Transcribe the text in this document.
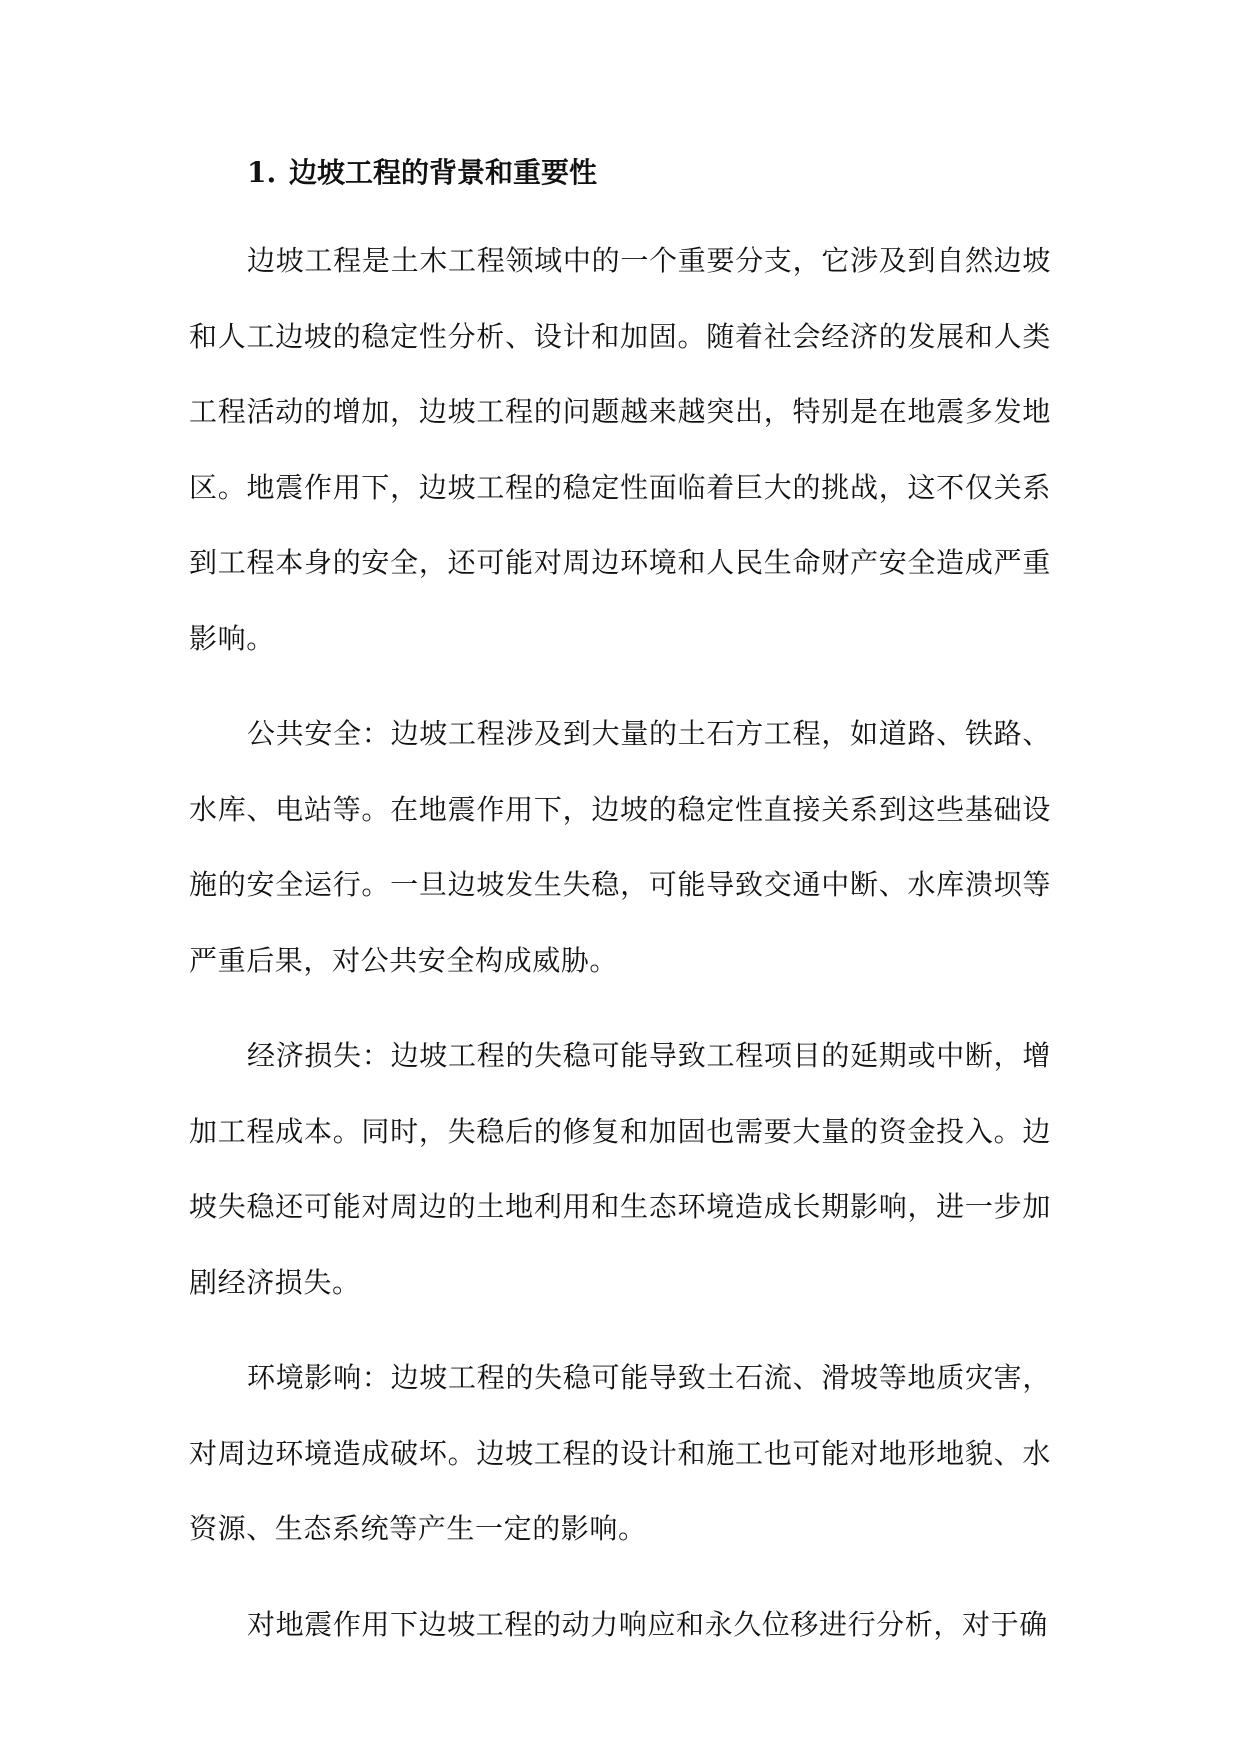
1. 边坡工程的背景和重要性

边坡工程是土木工程领域中的一个重要分支，它涉及到自然边坡和人工边坡的稳定性分析、设计和加固。随着社会经济的发展和人类工程活动的增加，边坡工程的问题越来越突出，特别是在地震多发地区。地震作用下，边坡工程的稳定性面临着巨大的挑战，这不仅关系到工程本身的安全，还可能对周边环境和人民生命财产安全造成严重影响。

公共安全：边坡工程涉及到大量的土石方工程，如道路、铁路、水库、电站等。在地震作用下，边坡的稳定性直接关系到这些基础设施的安全运行。一旦边坡发生失稳，可能导致交通中断、水库溃坝等严重后果，对公共安全构成威胁。

经济损失：边坡工程的失稳可能导致工程项目的延期或中断，增加工程成本。同时，失稳后的修复和加固也需要大量的资金投入。边坡失稳还可能对周边的土地利用和生态环境造成长期影响，进一步加剧经济损失。

环境影响：边坡工程的失稳可能导致土石流、滑坡等地质灾害，对周边环境造成破坏。边坡工程的设计和施工也可能对地形地貌、水资源、生态系统等产生一定的影响。

对地震作用下边坡工程的动力响应和永久位移进行分析，对于确
